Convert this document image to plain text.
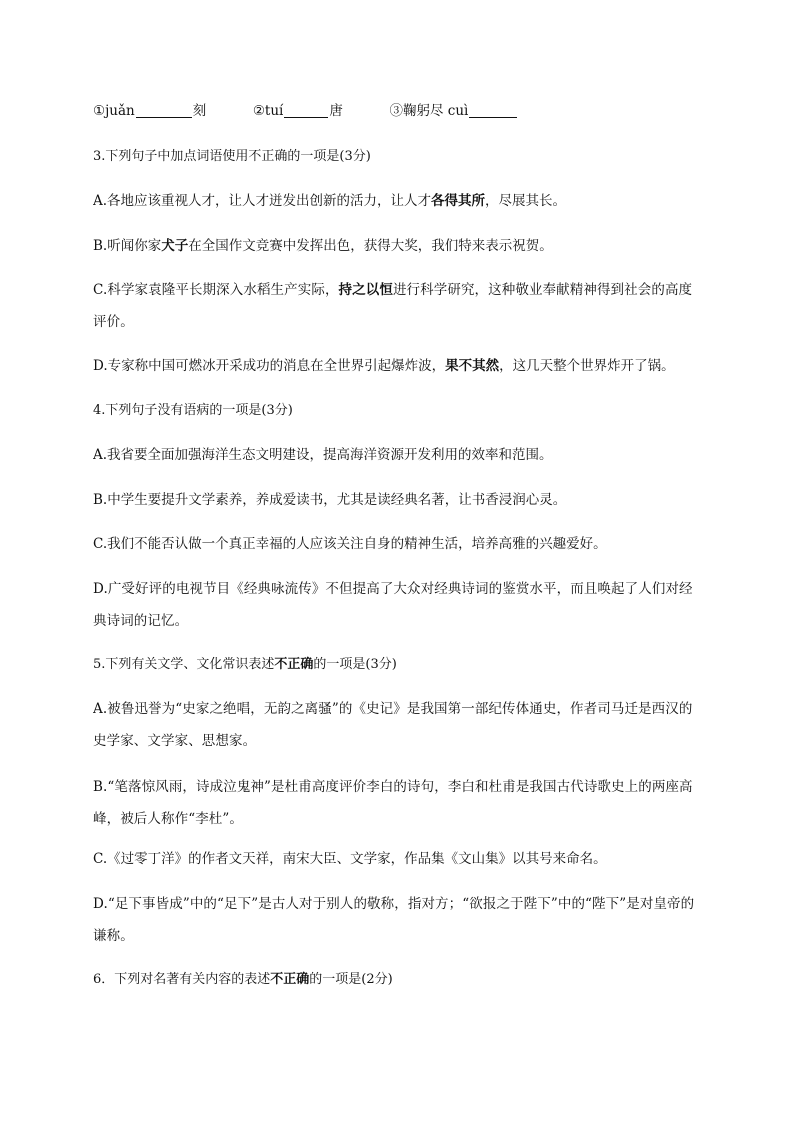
①juǎn	刻	②tuí	唐	③鞠躬尽 cuì
3.下列句子中加点词语使用不正确的一项是(3分)
A.各地应该重视人才，让人才迸发出创新的活力，让人才各得其所，尽展其长。
B.听闻你家犬子在全国作文竞赛中发挥出色，获得大奖，我们特来表示祝贺。
C.科学家袁隆平长期深入水稻生产实际，持之以恒进行科学研究，这种敬业奉献精神得到社会的高度评价。
D.专家称中国可燃冰开采成功的消息在全世界引起爆炸波，果不其然，这几天整个世界炸开了锅。
4.下列句子没有语病的一项是(3分)
A.我省要全面加强海洋生态文明建设，提高海洋资源开发利用的效率和范围。
B.中学生要提升文学素养，养成爱读书，尤其是读经典名著，让书香浸润心灵。
C.我们不能否认做一个真正幸福的人应该关注自身的精神生活，培养高雅的兴趣爱好。
D.广受好评的电视节目《经典咏流传》不但提高了大众对经典诗词的鉴赏水平，而且唤起了人们对经典诗词的记忆。
5.下列有关文学、文化常识表述不正确的一项是(3分)
A.被鲁迅誉为“史家之绝唱，无韵之离骚”的《史记》是我国第一部纪传体通史，作者司马迁是西汉的史学家、文学家、思想家。
B.“笔落惊风雨，诗成泣鬼神”是杜甫高度评价李白的诗句，李白和杜甫是我国古代诗歌史上的两座高峰，被后人称作“李杜”。
C.《过零丁洋》的作者文天祥，南宋大臣、文学家，作品集《文山集》以其号来命名。
D.“足下事皆成”中的“足下”是古人对于别人的敬称，指对方；“欲报之于陛下”中的“陛下”是对皇帝的谦称。
6．下列对名著有关内容的表述不正确的一项是(2分)
